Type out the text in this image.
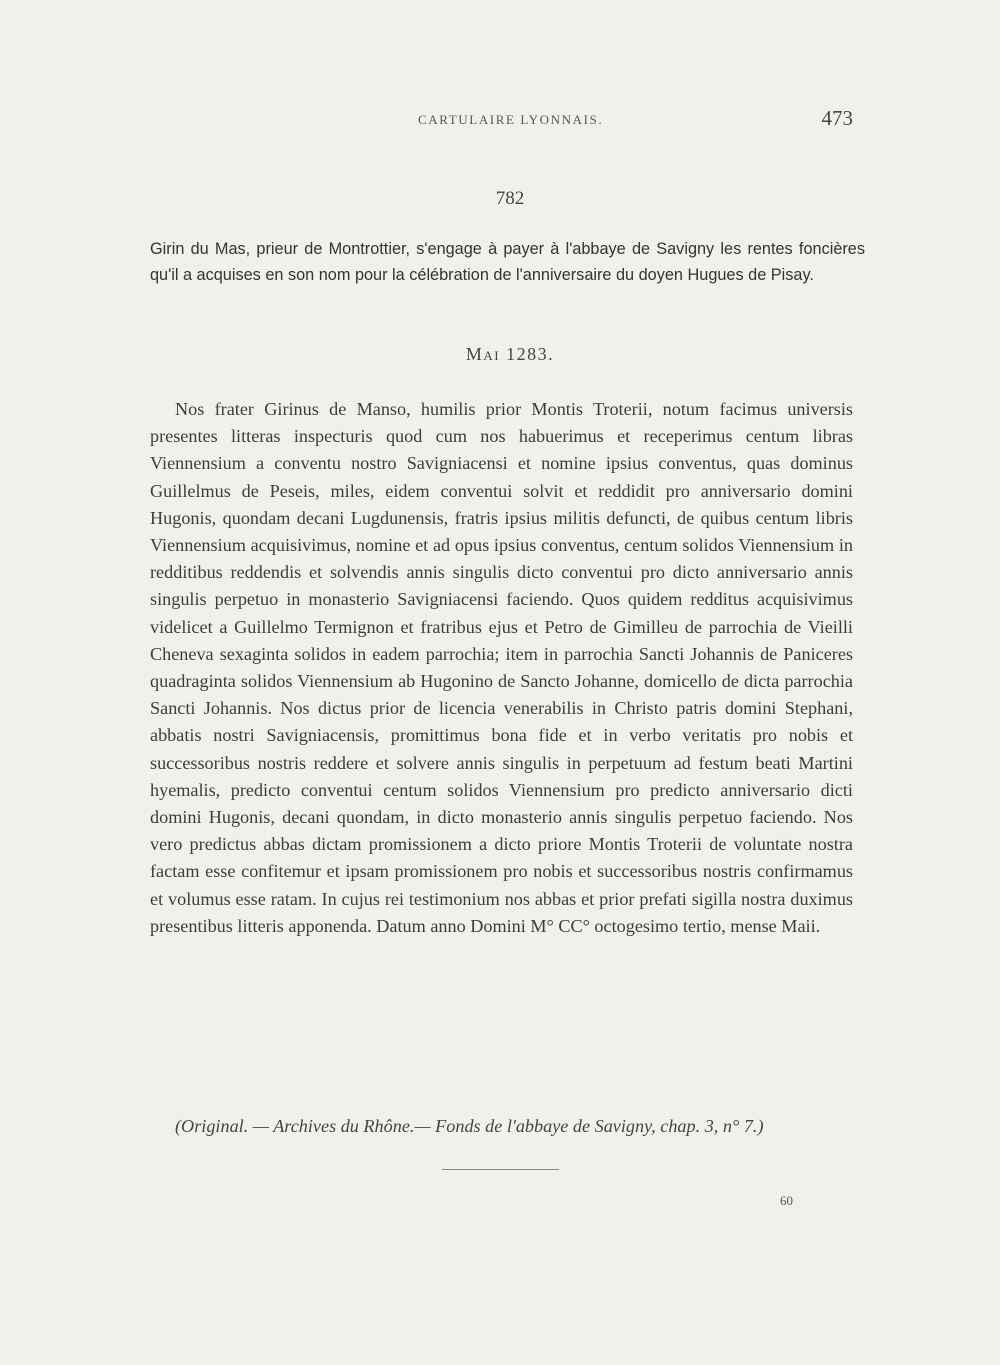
CARTULAIRE LYONNAIS.	473
782
Girin du Mas, prieur de Montrottier, s'engage à payer à l'abbaye de Savigny les rentes foncières qu'il a acquises en son nom pour la célébration de l'anniversaire du doyen Hugues de Pisay.
Mai 1283.

Nos frater Girinus de Manso, humilis prior Montis Troterii, notum facimus universis presentes litteras inspecturis quod cum nos habuerimus et receperimus centum libras Viennensium a conventu nostro Savigniacensi et nomine ipsius conventus, quas dominus Guillelmus de Peseis, miles, eidem conventui solvit et reddidit pro anniversario domini Hugonis, quondam decani Lugdunensis, fratris ipsius militis defuncti, de quibus centum libris Viennensium acquisivimus, nomine et ad opus ipsius conventus, centum solidos Viennensium in redditibus reddendis et solvendis annis singulis dicto conventui pro dicto anniversario annis singulis perpetuo in monasterio Savigniacensi faciendo. Quos quidem redditus acquisivimus videlicet a Guillelmo Termignon et fratribus ejus et Petro de Gimilleu de parrochia de Vieilli Cheneva sexaginta solidos in eadem parrochia; item in parrochia Sancti Johannis de Paniceres quadraginta solidos Viennensium ab Hugonino de Sancto Johanne, domicello de dicta parrochia Sancti Johannis. Nos dictus prior de licencia venerabilis in Christo patris domini Stephani, abbatis nostri Savigniacensis, promittimus bona fide et in verbo veritatis pro nobis et successoribus nostris reddere et solvere annis singulis in perpetuum ad festum beati Martini hyemalis, predicto conventui centum solidos Viennensium pro predicto anniversario dicti domini Hugonis, decani quondam, in dicto monasterio annis singulis perpetuo faciendo. Nos vero predictus abbas dictam promissionem a dicto priore Montis Troterii de voluntate nostra factam esse confitemur et ipsam promissionem pro nobis et successoribus nostris confirmamus et volumus esse ratam. In cujus rei testimonium nos abbas et prior prefati sigilla nostra duximus presentibus litteris apponenda. Datum anno Domini M° CC° octogesimo tertio, mense Maii.

(Original. — Archives du Rhône.— Fonds de l'abbaye de Savigny, chap. 3, n° 7.)
60
